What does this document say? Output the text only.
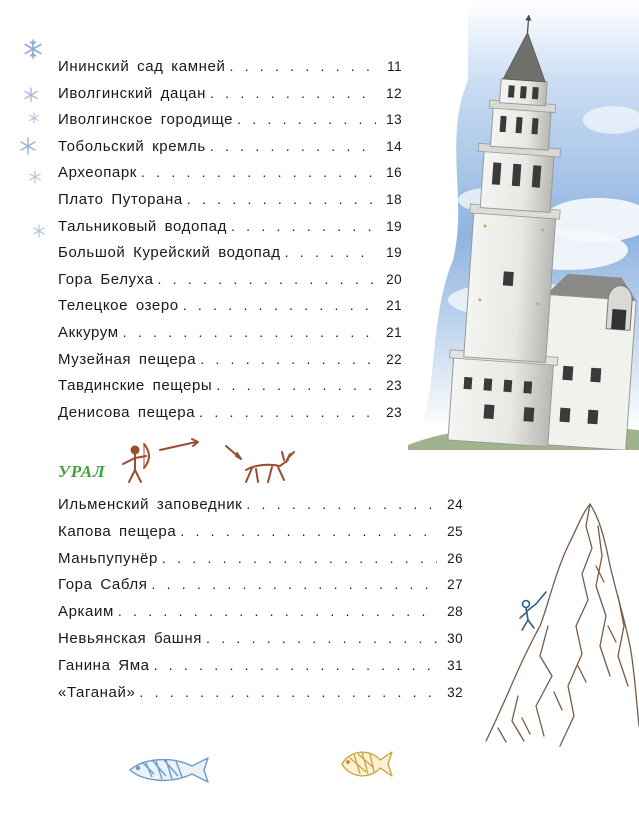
Ининский сад камней . . .	11
Иволгинский дацан . . .	12
Иволгинское городище . . .	13
Тобольский кремль . . .	14
Археопарк . . .	16
Плато Путорана . . .	18
Тальниковый водопад . . .	19
Большой Курейский водопад . . .	19
Гора Белуха . . .	20
Телецкое озеро . . .	21
Аккурум . . .	21
Музейная пещера . . .	22
Тавдинские пещеры . . .	23
Денисова пещера . . .	23
УРАЛ
Ильменский заповедник . . .	24
Капова пещера . . .	25
Маньпупунёр . . .	26
Гора Сабля . . .	27
Аркаим . . .	28
Невьянская башня . . .	30
Ганина Яма . . .	31
«Таганай» . . .	32
